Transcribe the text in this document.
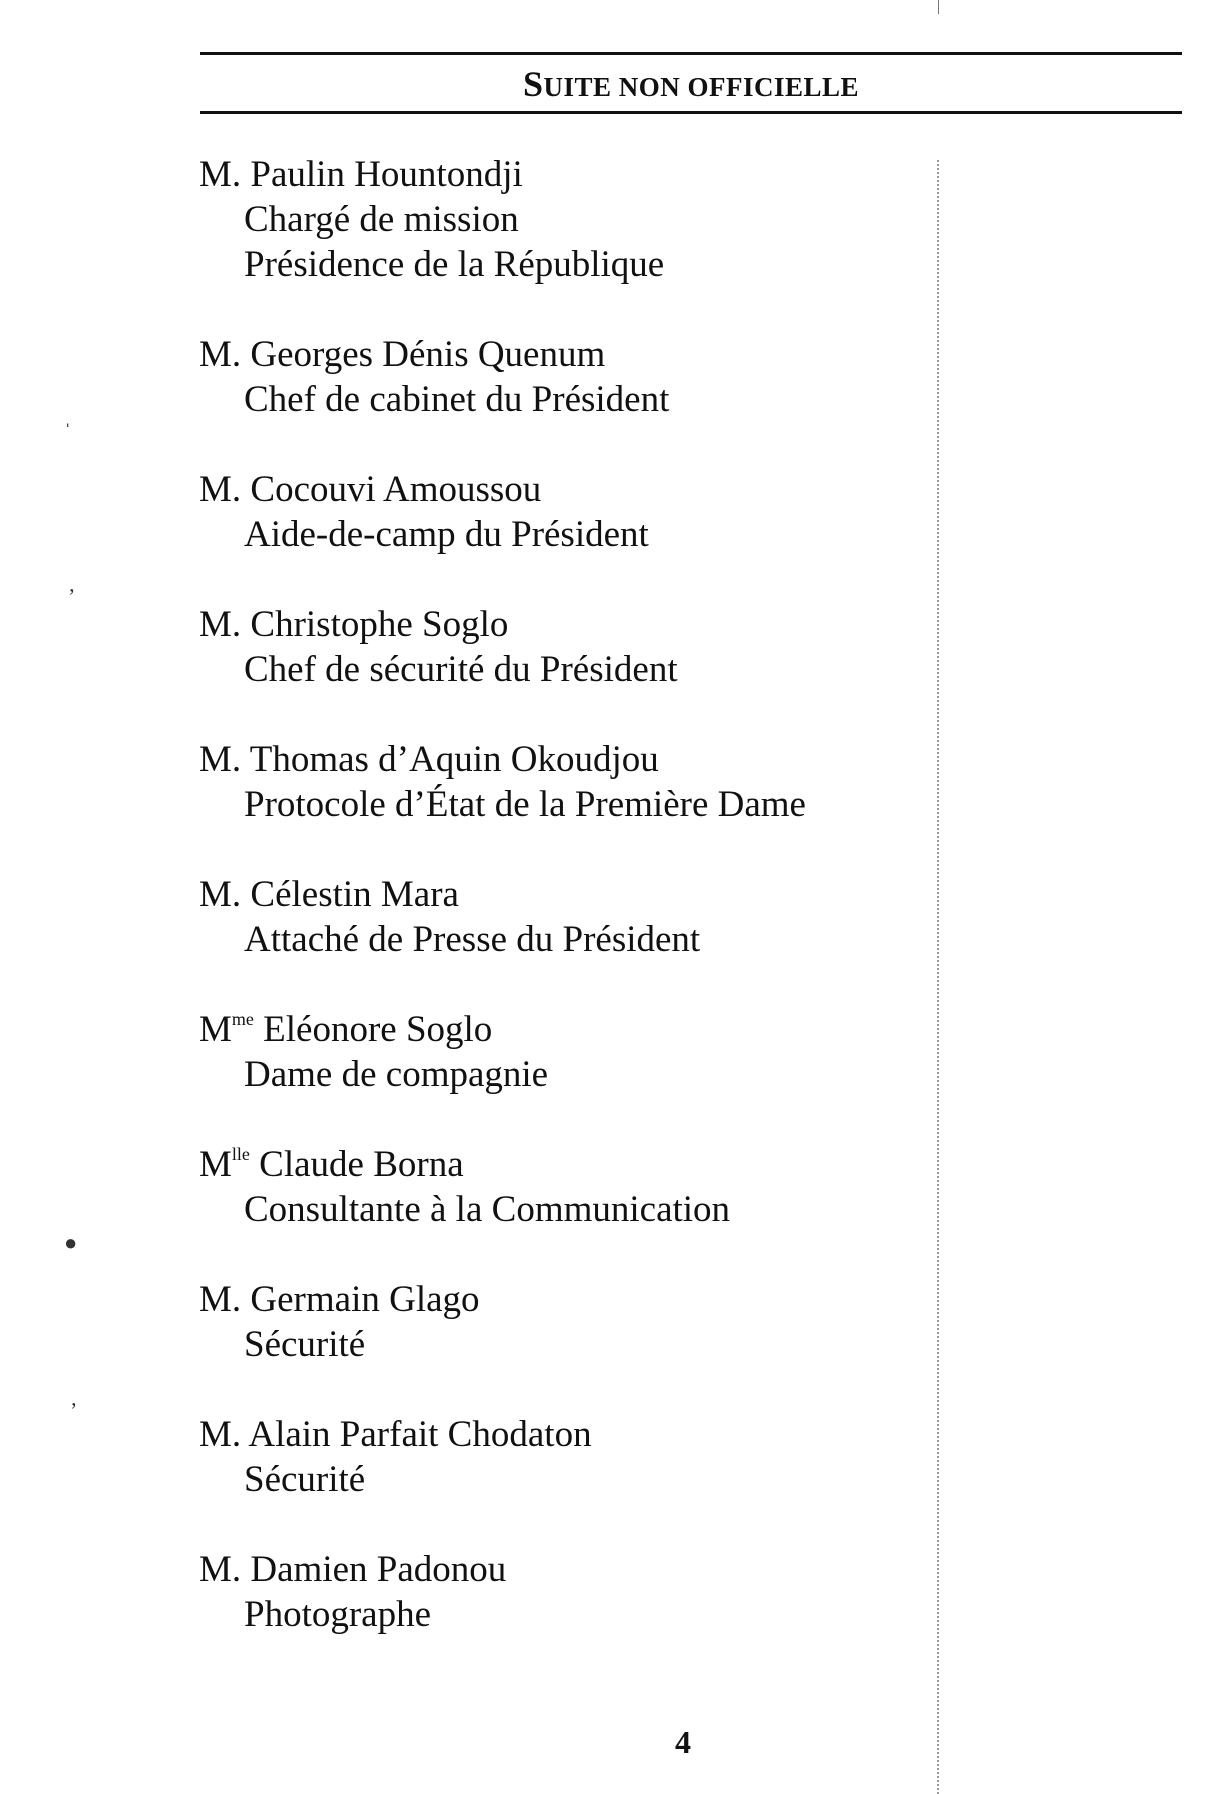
SUITE NON OFFICIELLE
M. Paulin Hountondji
Chargé de mission
Présidence de la République
M. Georges Dénis Quenum
Chef de cabinet du Président
M. Cocouvi Amoussou
Aide-de-camp du Président
M. Christophe Soglo
Chef de sécurité du Président
M. Thomas d’Aquin Okoudjou
Protocole d’État de la Première Dame
M. Célestin Mara
Attaché de Presse du Président
$M^{me}$ Eléonore Soglo
Dame de compagnie
$M^{lle}$ Claude Borna
Consultante à la Communication
M. Germain Glago
Sécurité
M. Alain Parfait Chodaton
Sécurité
M. Damien Padonou
Photographe
4
ˌ
ʼ
●
ʼ
